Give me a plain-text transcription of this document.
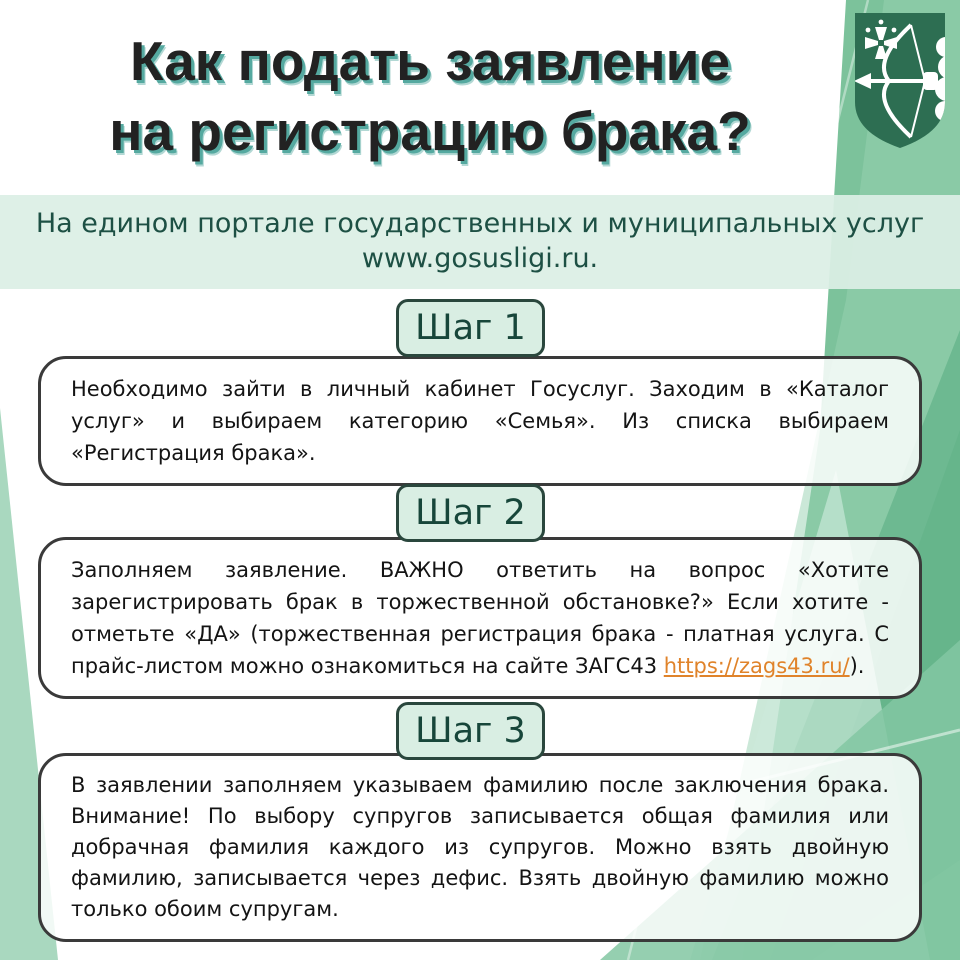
Как подать заявление
на регистрацию брака?
На едином портале государственных и муниципальных услуг
www.gosusligi.ru.
Шаг 1

Необходимо зайти в личный кабинет Госуслуг. Заходим в «Каталог услуг» и выбираем категорию «Семья». Из списка выбираем «Регистрация брака».

Шаг 2

Заполняем заявление. ВАЖНО ответить на вопрос «Хотите зарегистрировать брак в торжественной обстановке?» Если хотите - отметьте «ДА» (торжественная регистрация брака - платная услуга. С прайс-листом можно ознакомиться на сайте ЗАГС43 https://zags43.ru/).

Шаг 3

В заявлении заполняем указываем фамилию после заключения брака. Внимание! По выбору супругов записывается общая фамилия или добрачная фамилия каждого из супругов. Можно взять двойную фамилию, записывается через дефис. Взять двойную фамилию можно только обоим супругам.
